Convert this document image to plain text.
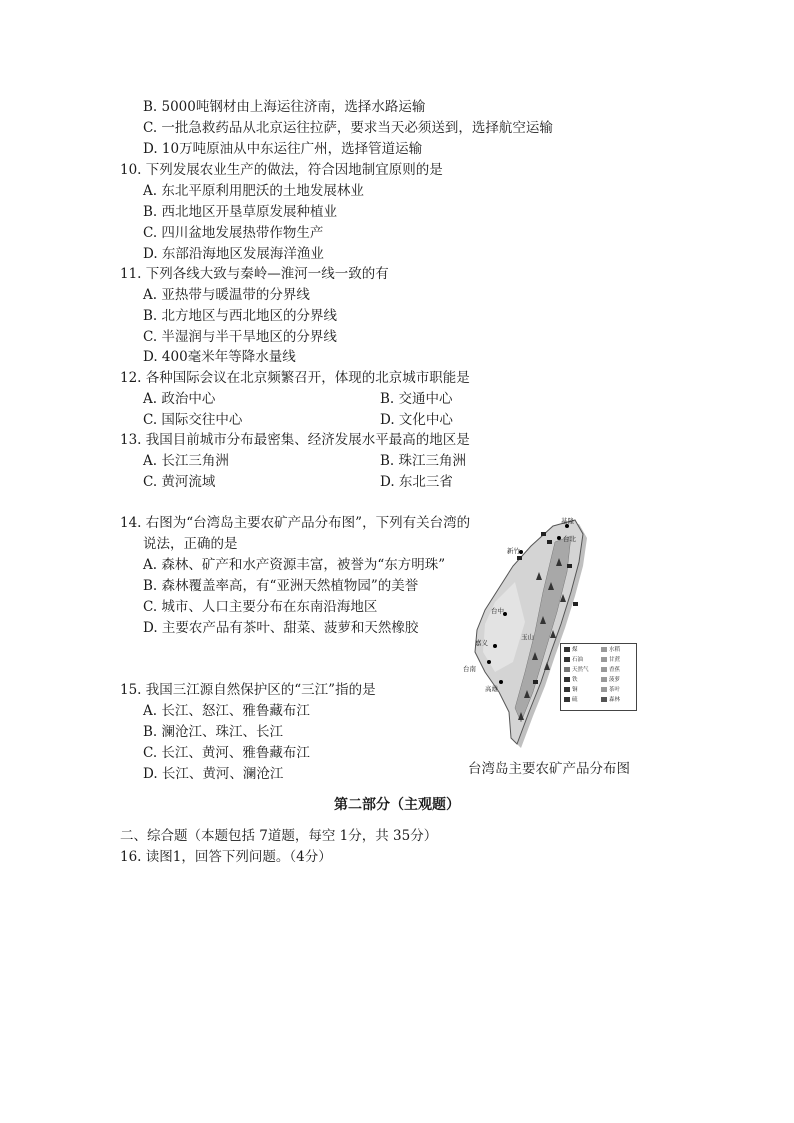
B. 5000吨钢材由上海运往济南，选择水路运输
C. 一批急救药品从北京运往拉萨，要求当天必须送到，选择航空运输
D. 10万吨原油从中东运往广州，选择管道运输
10. 下列发展农业生产的做法，符合因地制宜原则的是
A. 东北平原利用肥沃的土地发展林业
B. 西北地区开垦草原发展种植业
C. 四川盆地发展热带作物生产
D. 东部沿海地区发展海洋渔业
11. 下列各线大致与秦岭—淮河一线一致的有
A. 亚热带与暖温带的分界线
B. 北方地区与西北地区的分界线
C. 半湿润与半干旱地区的分界线
D. 400毫米年等降水量线
12. 各种国际会议在北京频繁召开，体现的北京城市职能是
A. 政治中心	B. 交通中心
C. 国际交往中心	D. 文化中心
13. 我国目前城市分布最密集、经济发展水平最高的地区是
A. 长江三角洲	B. 珠江三角洲
C. 黄河流域	D. 东北三省
14. 右图为“台湾岛主要农矿产品分布图”，下列有关台湾的
说法，正确的是
A. 森林、矿产和水产资源丰富，被誉为“东方明珠”
B. 森林覆盖率高，有“亚洲天然植物园”的美誉
C. 城市、人口主要分布在东南沿海地区
D. 主要农产品有茶叶、甜菜、菠萝和天然橡胶
15. 我国三江源自然保护区的“三江”指的是
A. 长江、怒江、雅鲁藏布江
B. 澜沧江、珠江、长江
C. 长江、黄河、雅鲁藏布江
D. 长江、黄河、澜沧江
基隆
台北
新竹
台中
嘉义
台南
高雄
玉山
煤
石油
天然气
铁
铜
硫
水稻
甘蔗
香蕉
菠萝
茶叶
森林
台湾岛主要农矿产品分布图
第二部分（主观题）
二、综合题（本题包括 7道题，每空 1分，共 35分）
16. 读图1，回答下列问题。（4分）
